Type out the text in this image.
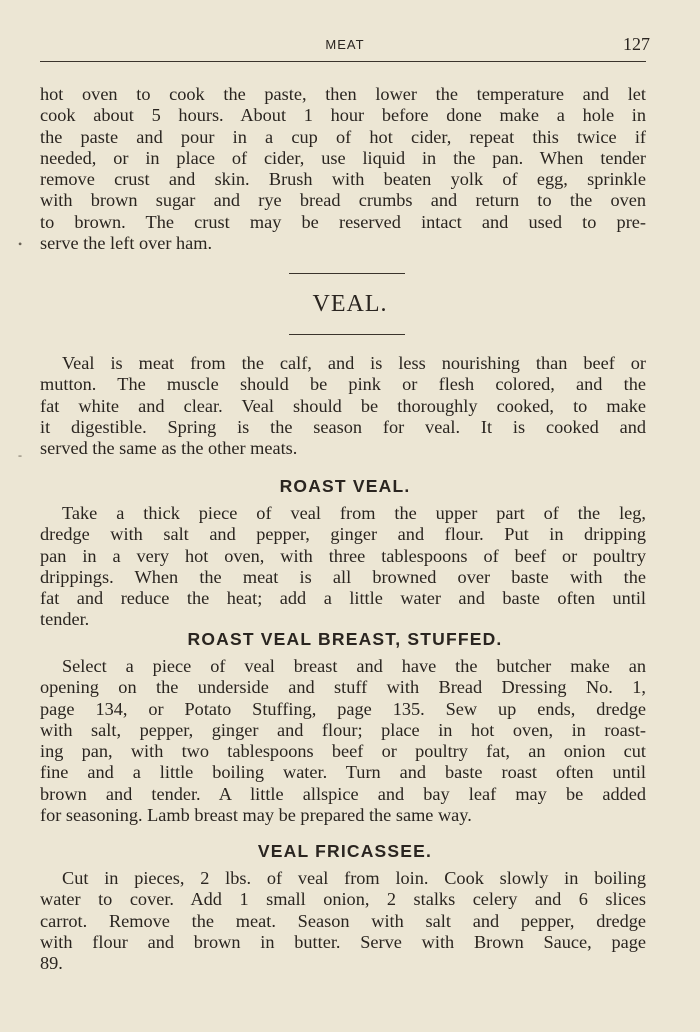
MEAT	127
hot oven to cook the paste, then lower the temperature and let
cook about 5 hours. About 1 hour before done make a hole in
the paste and pour in a cup of hot cider, repeat this twice if
needed, or in place of cider, use liquid in the pan. When tender
remove crust and skin. Brush with beaten yolk of egg, sprinkle
with brown sugar and rye bread crumbs and return to the oven
to brown. The crust may be reserved intact and used to pre-
serve the left over ham.
•
VEAL.
Veal is meat from the calf, and is less nourishing than beef or
mutton. The muscle should be pink or flesh colored, and the
fat white and clear. Veal should be thoroughly cooked, to make
it digestible. Spring is the season for veal. It is cooked and
served the same as the other meats.
-
ROAST VEAL.
Take a thick piece of veal from the upper part of the leg,
dredge with salt and pepper, ginger and flour. Put in dripping
pan in a very hot oven, with three tablespoons of beef or poultry
drippings. When the meat is all browned over baste with the
fat and reduce the heat; add a little water and baste often until
tender.
ROAST VEAL BREAST, STUFFED.
Select a piece of veal breast and have the butcher make an
opening on the underside and stuff with Bread Dressing No. 1,
page 134, or Potato Stuffing, page 135. Sew up ends, dredge
with salt, pepper, ginger and flour; place in hot oven, in roast-
ing pan, with two tablespoons beef or poultry fat, an onion cut
fine and a little boiling water. Turn and baste roast often until
brown and tender. A little allspice and bay leaf may be added
for seasoning. Lamb breast may be prepared the same way.
VEAL FRICASSEE.
Cut in pieces, 2 lbs. of veal from loin. Cook slowly in boiling
water to cover. Add 1 small onion, 2 stalks celery and 6 slices
carrot. Remove the meat. Season with salt and pepper, dredge
with flour and brown in butter. Serve with Brown Sauce, page
89.
